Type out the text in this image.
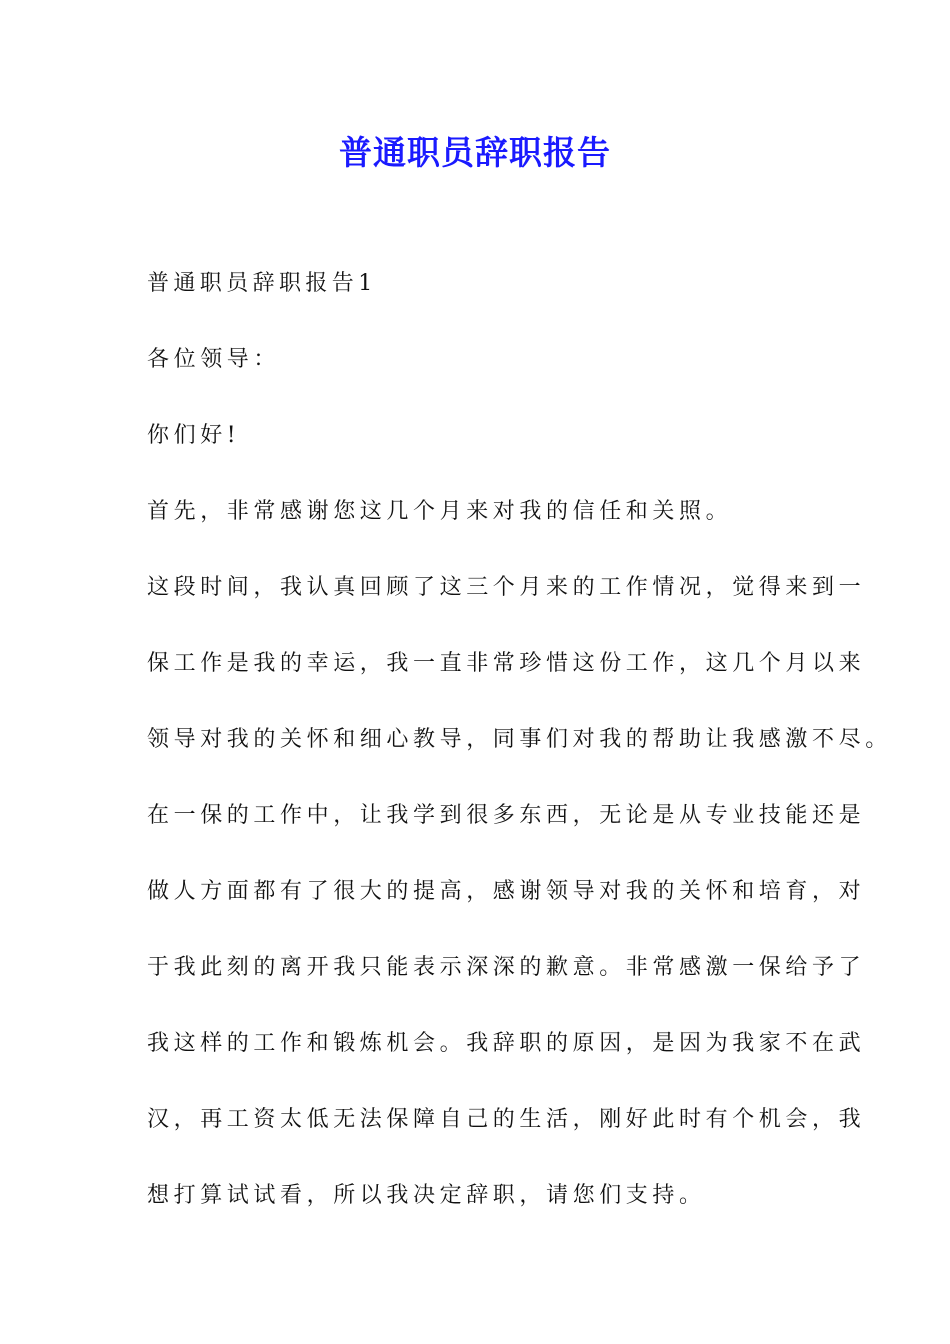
普通职员辞职报告
普通职员辞职报告1
各位领导：
你们好!
首先，非常感谢您这几个月来对我的信任和关照。
这段时间，我认真回顾了这三个月来的工作情况，觉得来到一
保工作是我的幸运，我一直非常珍惜这份工作，这几个月以来
领导对我的关怀和细心教导，同事们对我的帮助让我感激不尽。
在一保的工作中，让我学到很多东西，无论是从专业技能还是
做人方面都有了很大的提高，感谢领导对我的关怀和培育，对
于我此刻的离开我只能表示深深的歉意。非常感激一保给予了
我这样的工作和锻炼机会。我辞职的原因，是因为我家不在武
汉，再工资太低无法保障自己的生活，刚好此时有个机会，我
想打算试试看，所以我决定辞职，请您们支持。
